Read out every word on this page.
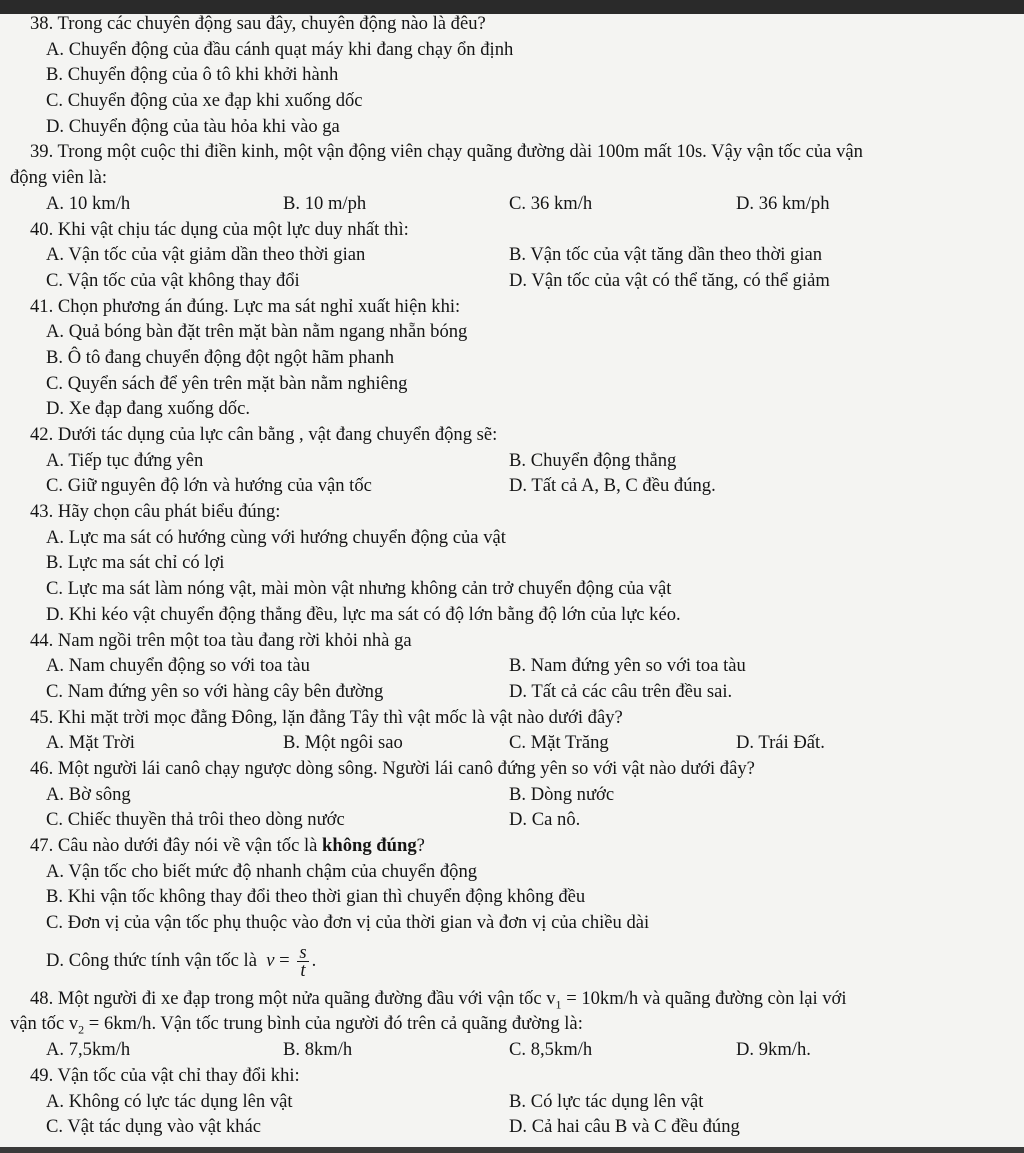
38. Trong các chuyên động sau đây, chuyên động nào là đêu?
A. Chuyển động của đầu cánh quạt máy khi đang chạy ổn định
B. Chuyển động của ô tô khi khởi hành
C. Chuyển động của xe đạp khi xuống dốc
D. Chuyển động của tàu hỏa khi vào ga
39. Trong một cuộc thi điền kinh, một vận động viên chạy quãng đường dài 100m mất 10s. Vậy vận tốc của vận
động viên là:
A. 10 km/h	B. 10 m/ph	C. 36 km/h	D. 36 km/ph
40. Khi vật chịu tác dụng của một lực duy nhất thì:
A. Vận tốc của vật giảm dần theo thời gian	B. Vận tốc của vật tăng dần theo thời gian
C. Vận tốc của vật không thay đổi	D. Vận tốc của vật có thể tăng, có thể giảm
41. Chọn phương án đúng. Lực ma sát nghỉ xuất hiện khi:
A. Quả bóng bàn đặt trên mặt bàn nằm ngang nhẵn bóng
B. Ô tô đang chuyển động đột ngột hãm phanh
C. Quyển sách để yên trên mặt bàn nằm nghiêng
D. Xe đạp đang xuống dốc.
42. Dưới tác dụng của lực cân bằng , vật đang chuyển động sẽ:
A. Tiếp tục đứng yên	B. Chuyển động thẳng
C. Giữ nguyên độ lớn và hướng của vận tốc	D. Tất cả A, B, C đều đúng.
43. Hãy chọn câu phát biểu đúng:
A. Lực ma sát có hướng cùng với hướng chuyển động của vật
B. Lực ma sát chỉ có lợi
C. Lực ma sát làm nóng vật, mài mòn vật nhưng không cản trở chuyển động của vật
D. Khi kéo vật chuyển động thẳng đều, lực ma sát có độ lớn bằng độ lớn của lực kéo.
44. Nam ngồi trên một toa tàu đang rời khỏi nhà ga
A. Nam chuyển động so với toa tàu	B. Nam đứng yên so với toa tàu
C. Nam đứng yên so với hàng cây bên đường	D. Tất cả các câu trên đều sai.
45. Khi mặt trời mọc đằng Đông, lặn đằng Tây thì vật mốc là vật nào dưới đây?
A. Mặt Trời	B. Một ngôi sao	C. Mặt Trăng	D. Trái Đất.
46. Một người lái canô chạy ngược dòng sông. Người lái canô đứng yên so với vật nào dưới đây?
A. Bờ sông	B. Dòng nước
C. Chiếc thuyền thả trôi theo dòng nước	D. Ca nô.
47. Câu nào dưới đây nói về vận tốc là không đúng?
A. Vận tốc cho biết mức độ nhanh chậm của chuyển động
B. Khi vận tốc không thay đổi theo thời gian thì chuyển động không đều
C. Đơn vị của vận tốc phụ thuộc vào đơn vị của thời gian và đơn vị của chiều dài
D. Công thức tính vận tốc là $v = \frac{s}{t}$ .
48. Một người đi xe đạp trong một nửa quãng đường đầu với vận tốc $v_1 = 10km/h$ và quãng đường còn lại với
vận tốc $v_2 = 6km/h$. Vận tốc trung bình của người đó trên cả quãng đường là:
A. 7,5km/h	B. 8km/h	C. 8,5km/h	D. 9km/h.
49. Vận tốc của vật chỉ thay đổi khi:
A. Không có lực tác dụng lên vật	B. Có lực tác dụng lên vật
C. Vật tác dụng vào vật khác	D. Cả hai câu B và C đều đúng
